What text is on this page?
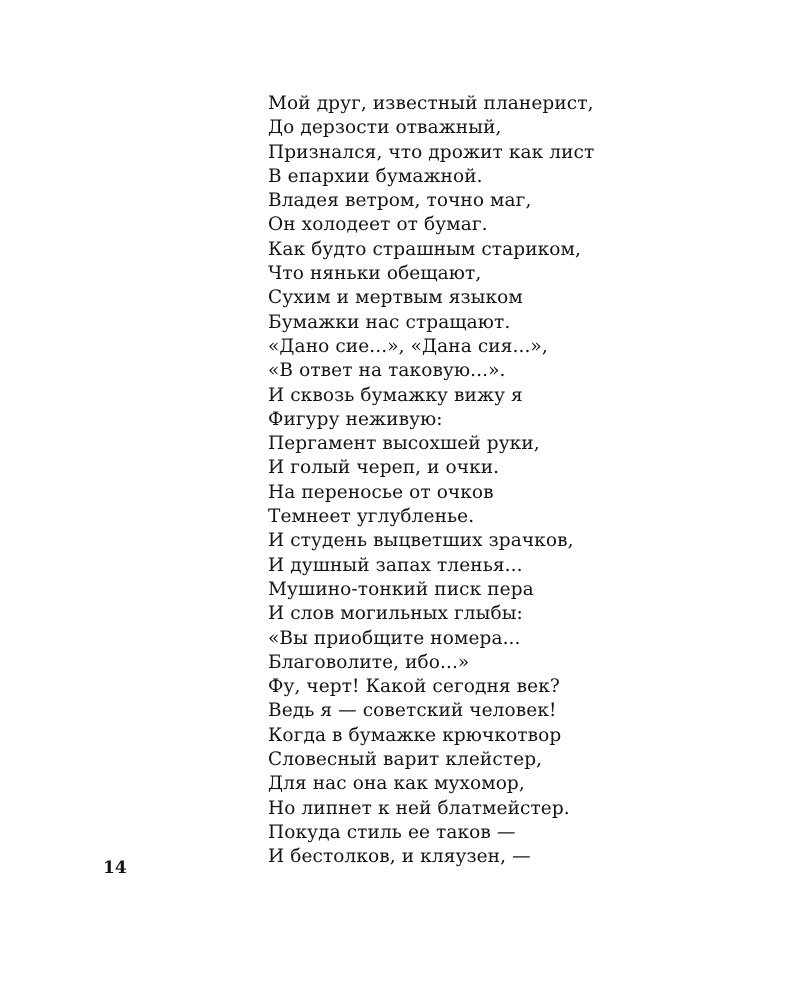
Мой друг, известный планерист,
До дерзости отважный,
Признался, что дрожит как лист
В епархии бумажной.
Владея ветром, точно маг,
Он холодеет от бумаг.
Как будто страшным стариком,
Что няньки обещают,
Сухим и мертвым языком
Бумажки нас стращают.
«Дано сие...», «Дана сия...»,
«В ответ на таковую...».
И сквозь бумажку вижу я
Фигуру неживую:
Пергамент высохшей руки,
И голый череп, и очки.
На переносье от очков
Темнеет углубленье.
И студень выцветших зрачков,
И душный запах тленья...
Мушино-тонкий писк пера
И слов могильных глыбы:
«Вы приобщите номера...
Благоволите, ибо...»
Фу, черт! Какой сегодня век?
Ведь я — советский человек!
Когда в бумажке крючкотвор
Словесный варит клейстер,
Для нас она как мухомор,
Но липнет к ней блатмейстер.
Покуда стиль ее таков —
И бестолков, и кляузен, —
14
